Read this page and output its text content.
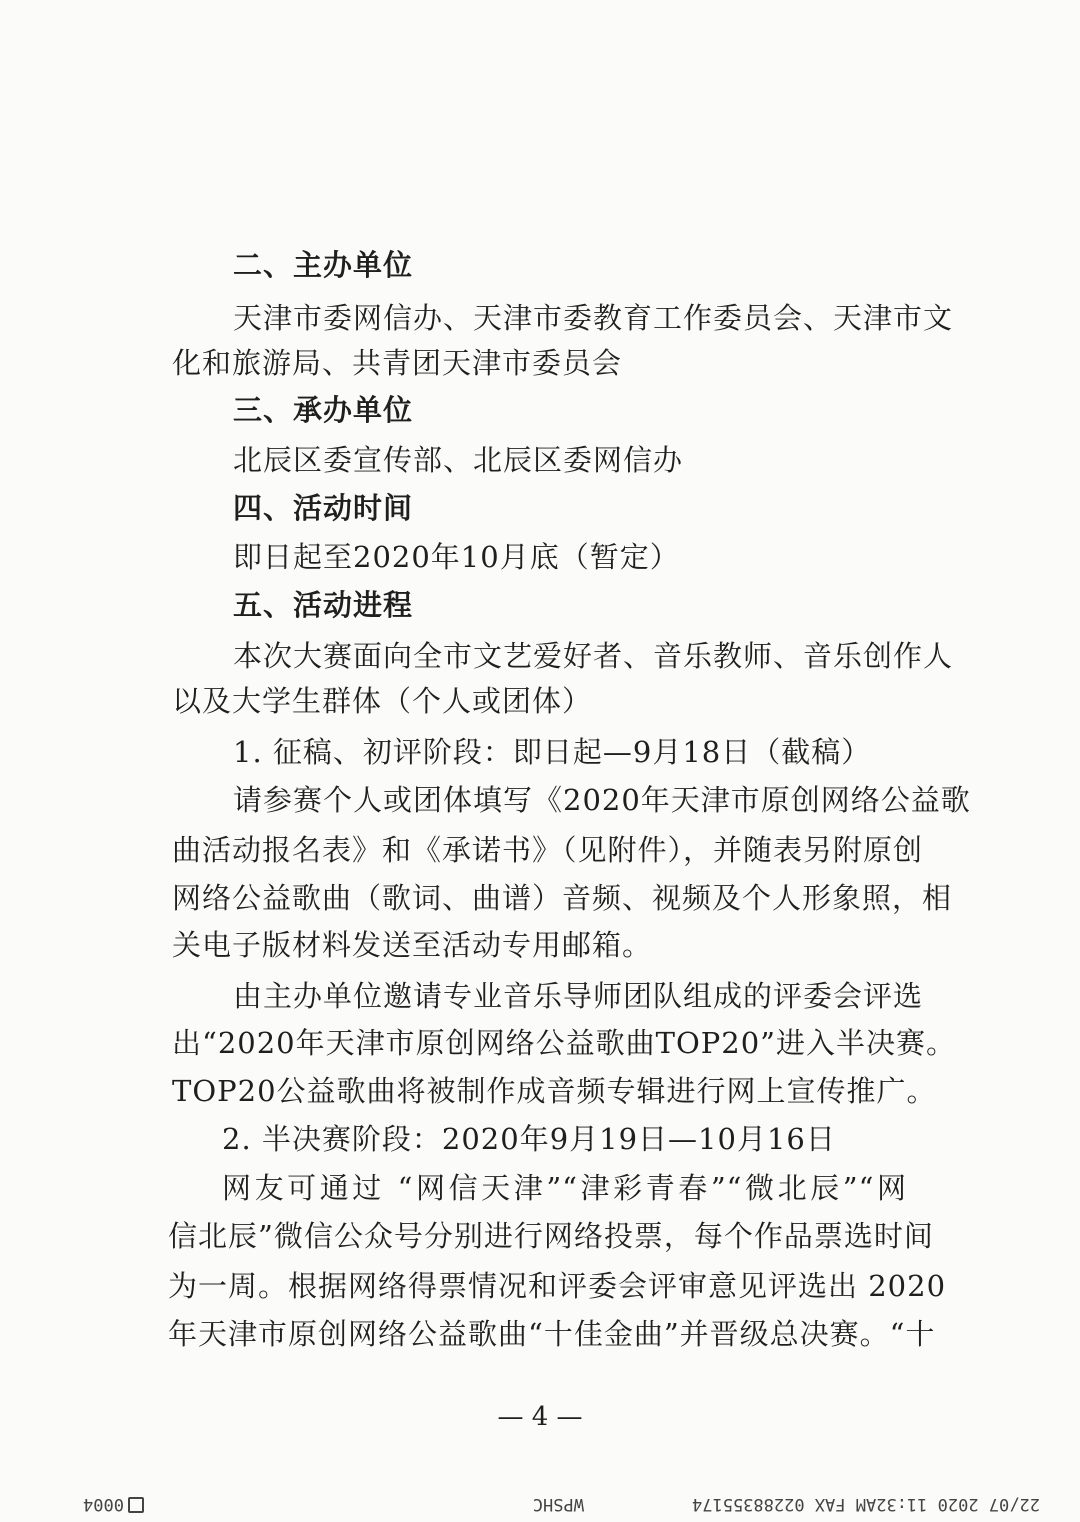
二、主办单位
天津市委网信办、天津市委教育工作委员会、天津市文
化和旅游局、共青团天津市委员会
三、承办单位
北辰区委宣传部、北辰区委网信办
四、活动时间
即日起至2020年10月底（暂定）
五、活动进程
本次大赛面向全市文艺爱好者、音乐教师、音乐创作人
以及大学生群体（个人或团体）
1. 征稿、初评阶段：即日起—9月18日（截稿）
请参赛个人或团体填写《2020年天津市原创网络公益歌
曲活动报名表》和《承诺书》（见附件），并随表另附原创
网络公益歌曲（歌词、曲谱）音频、视频及个人形象照，相
关电子版材料发送至活动专用邮箱。
由主办单位邀请专业音乐导师团队组成的评委会评选
出“2020年天津市原创网络公益歌曲TOP20”进入半决赛。
TOP20公益歌曲将被制作成音频专辑进行网上宣传推广。
2. 半决赛阶段：2020年9月19日—10月16日
网友可通过 “网信天津”“津彩青春”“微北辰”“网
信北辰”微信公众号分别进行网络投票，每个作品票选时间
为一周。根据网络得票情况和评委会评审意见评选出 2020
年天津市原创网络公益歌曲“十佳金曲”并晋级总决赛。“十
— 4 —
22/07 2020 11:32AM FAX 02288355174
WPSHC
0004
